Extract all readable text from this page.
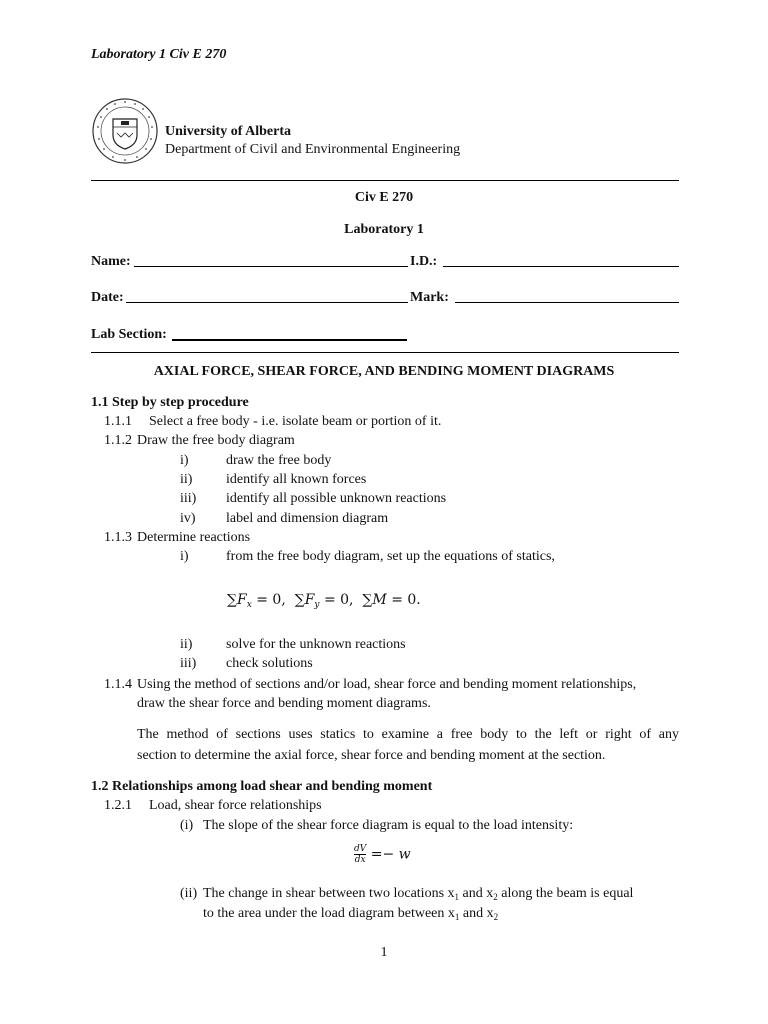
Laboratory 1 Civ E 270
University of Alberta
Department of Civil and Environmental Engineering
Civ E 270
Laboratory 1
Name:	I.D.:
Date:	Mark:
Lab Section:
AXIAL FORCE, SHEAR FORCE, AND BENDING MOMENT DIAGRAMS
1.1 Step by step procedure
1.1.1 Select a free body - i.e. isolate beam or portion of it.
1.1.2 Draw the free body diagram
i)	draw the free body
ii) identify all known forces
iii) identify all possible unknown reactions
iv) label and dimension diagram
1.1.3 Determine reactions
i)	from the free body diagram, set up the equations of statics,
$\sum F_x = 0$, $\sum F_y = 0$, ∑M = 0.
ii) solve for the unknown reactions
iii) check solutions
1.1.4 Using the method of sections and/or load, shear force and bending moment relationships,
draw the shear force and bending moment diagrams.
The method of sections uses statics to examine a free body to the left or right of any
section to determine the axial force, shear force and bending moment at the section.
1.2 Relationships among load shear and bending moment
1.2.1 Load, shear force relationships
(i) The slope of the shear force diagram is equal to the load intensity:
$\frac{dV}{dx} =- w$
(ii) The change in shear between two locations $x_1$ and $x_2$ along the beam is equal
to the area under the load diagram between $x_1$ and $x_2$
1
